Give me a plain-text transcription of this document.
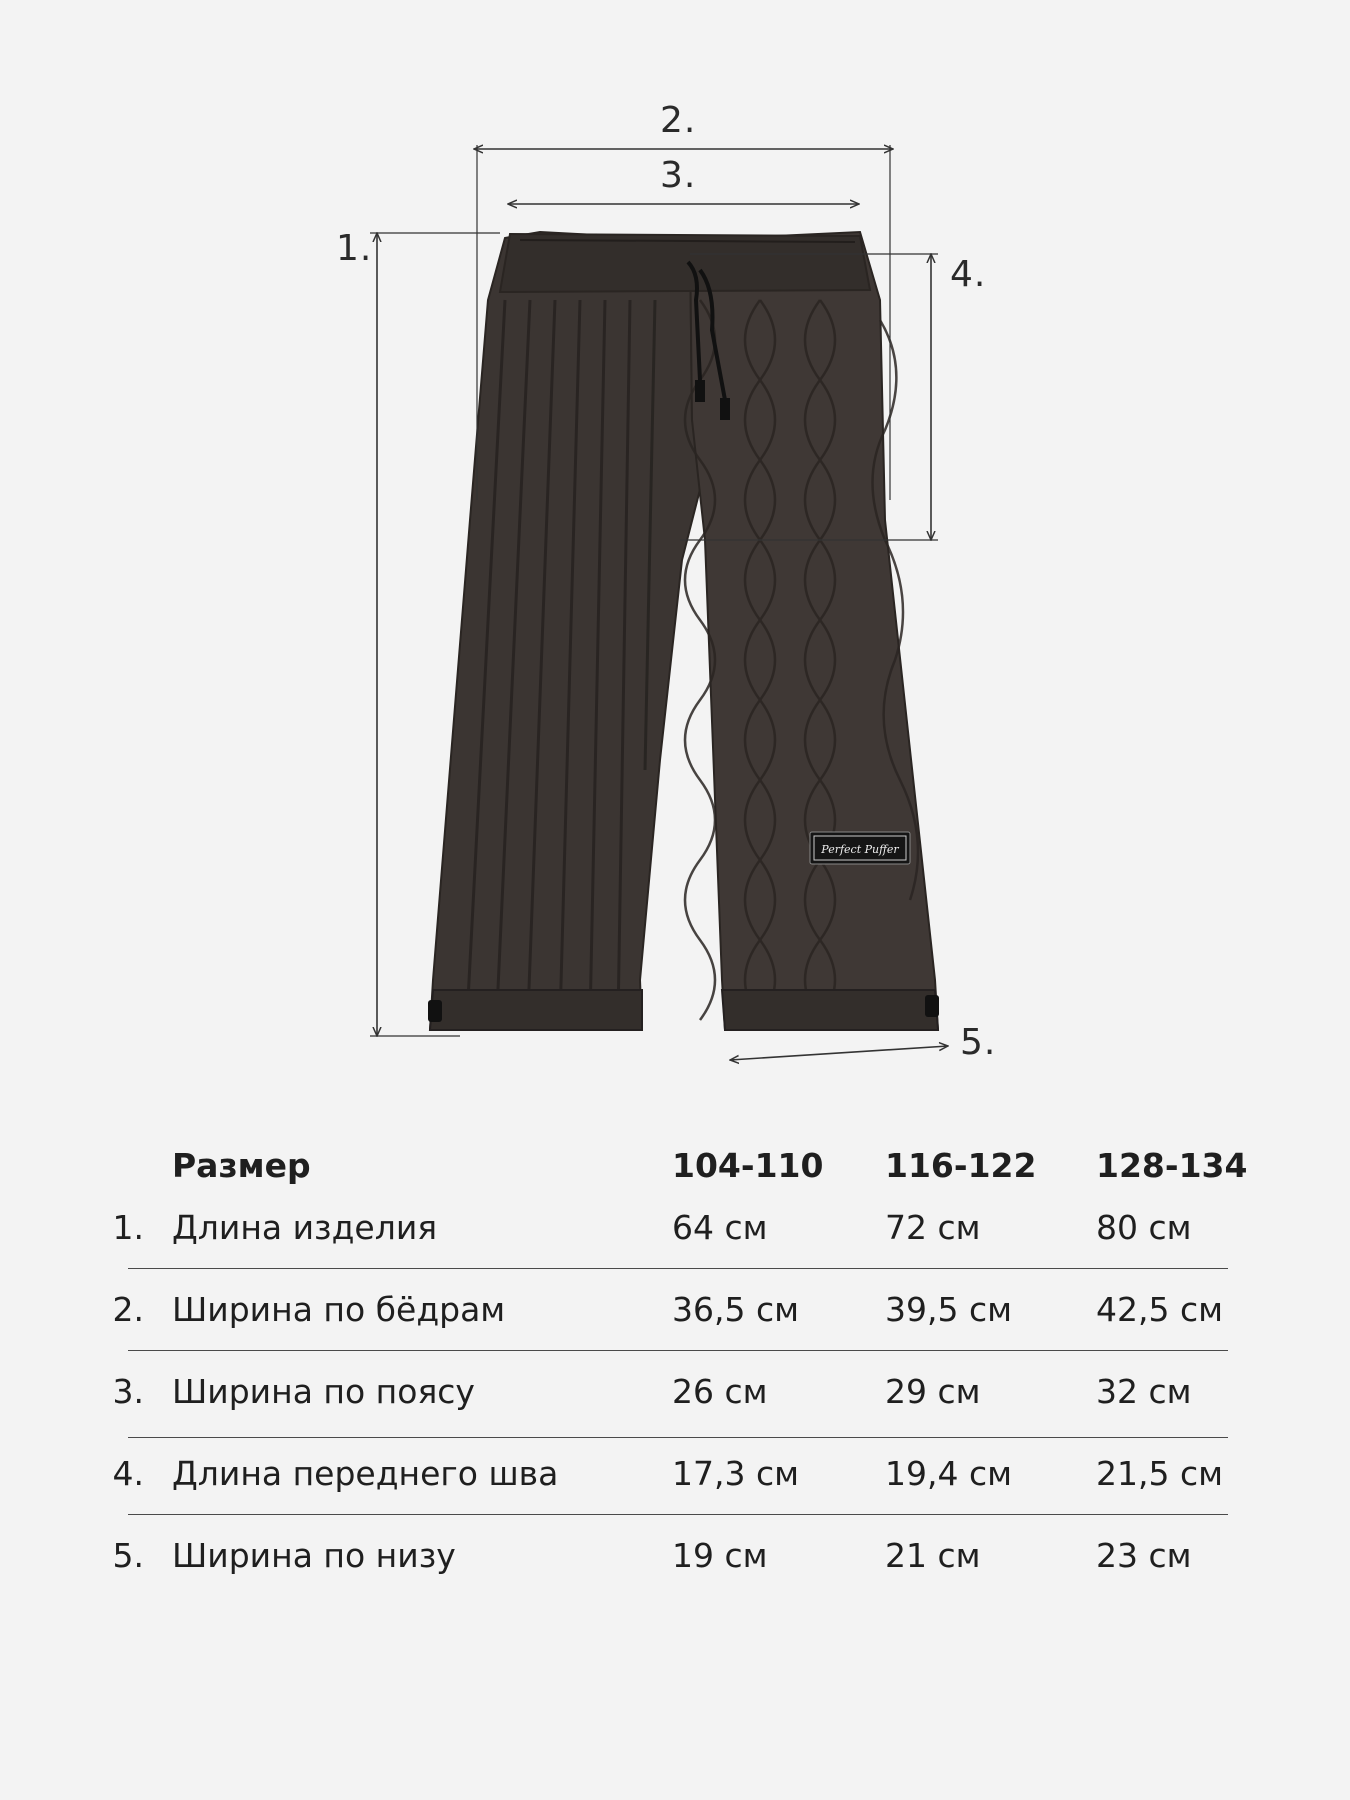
Perfect Puffer
1.
2.
3.
4.
5.
Размер	104-110 116-122 128-134
1. Длина изделия	64 см	72 см	80 см
2. Ширина по бёдрам	36,5 см	39,5 см	42,5 см
3. Ширина по поясу	26 см	29 см	32 см
4. Длина переднего шва	17,3 см	19,4 см	21,5 см
5. Ширина по низу	19 см	21 см	23 см
